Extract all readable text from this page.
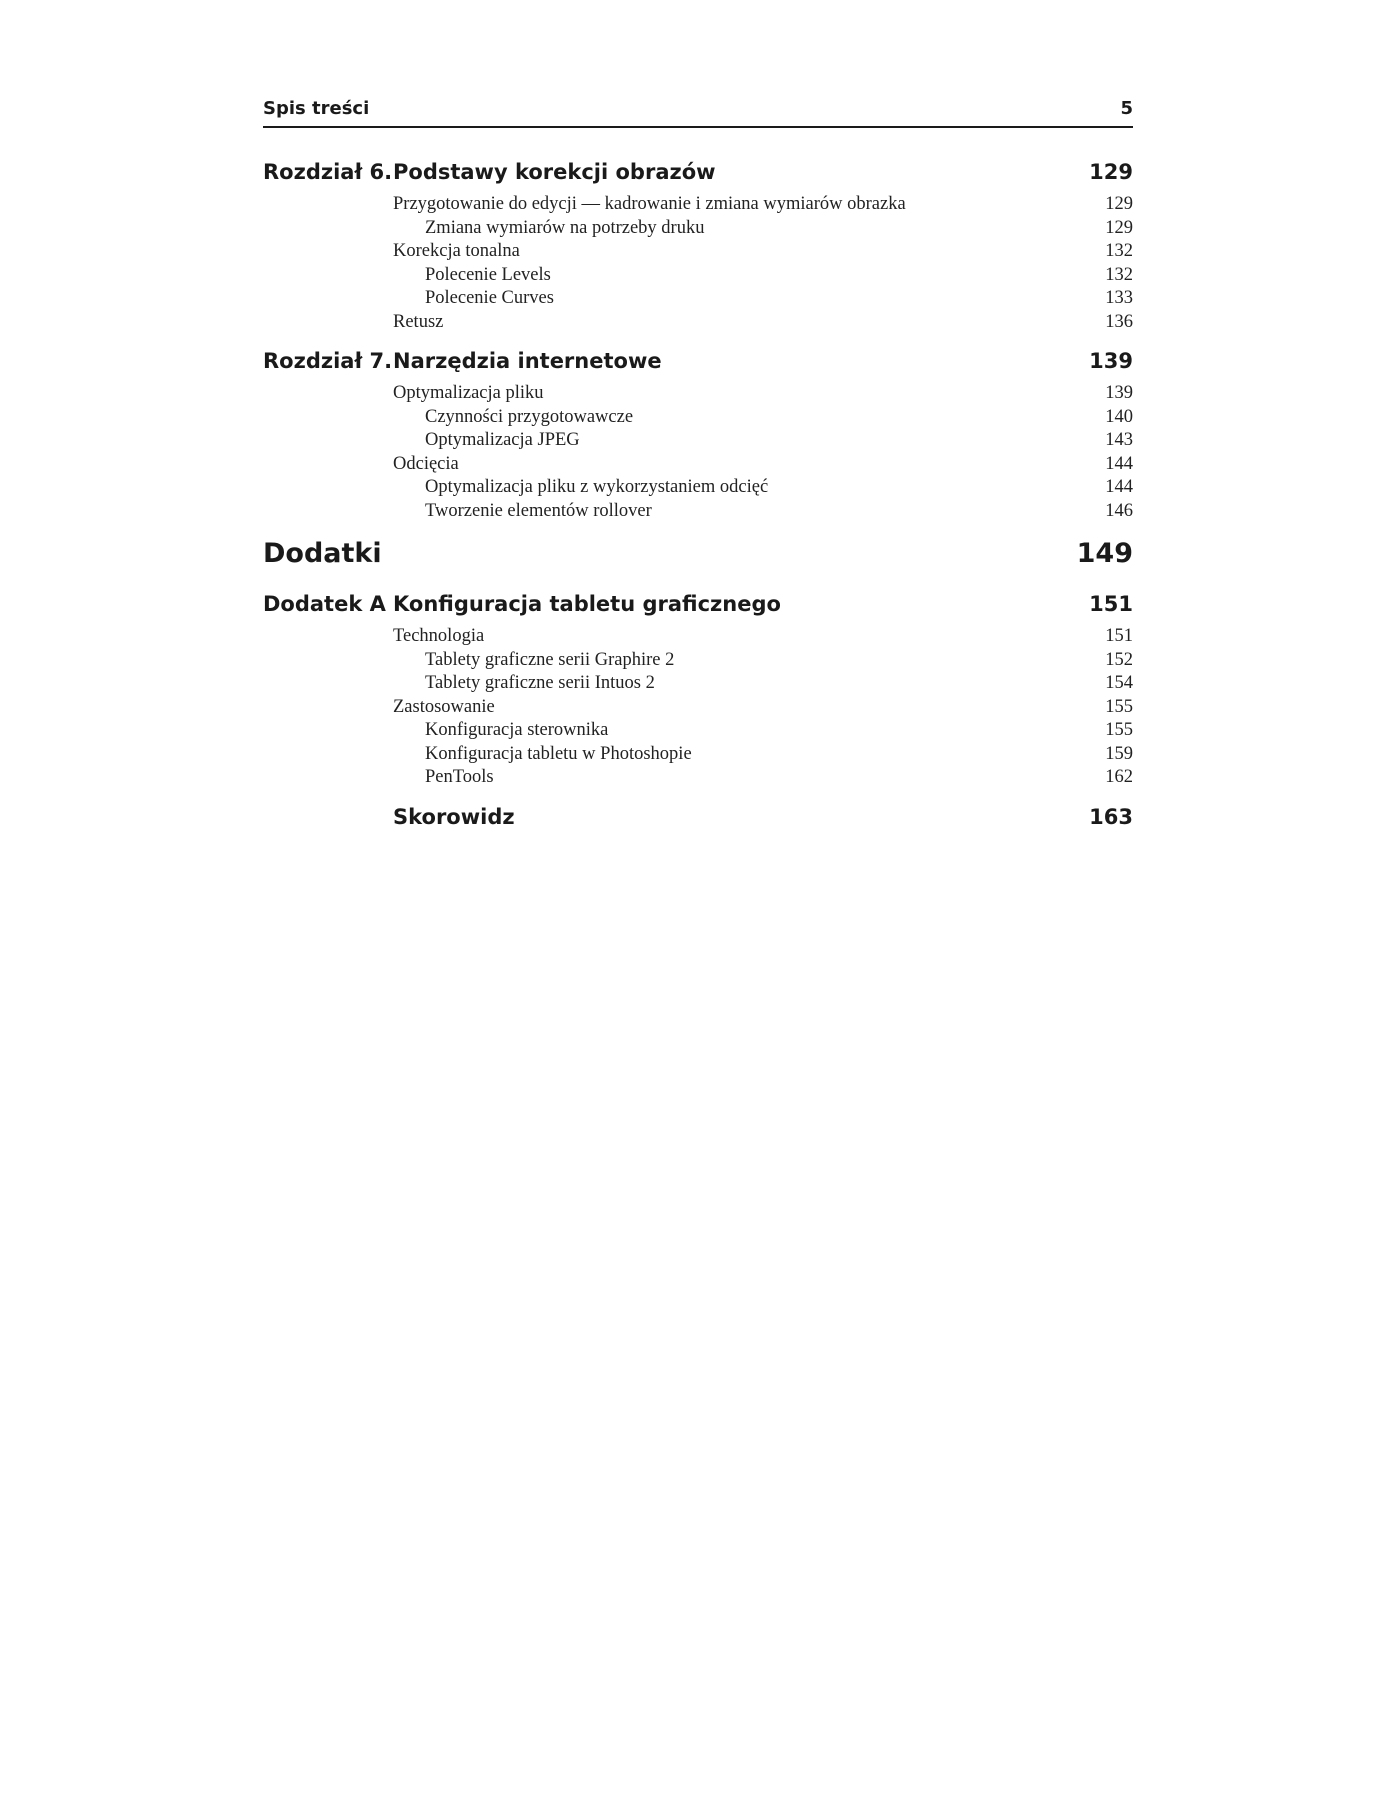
Spis treści	5
Rozdział 6. Podstawy korekcji obrazów	129
Przygotowanie do edycji — kadrowanie i zmiana wymiarów obrazka	129
Zmiana wymiarów na potrzeby druku	129
Korekcja tonalna	132
Polecenie Levels	132
Polecenie Curves	133
Retusz	136
Rozdział 7. Narzędzia internetowe	139
Optymalizacja pliku	139
Czynności przygotowawcze	140
Optymalizacja JPEG	143
Odcięcia	144
Optymalizacja pliku z wykorzystaniem odcięć	144
Tworzenie elementów rollover	146
Dodatki	149
Dodatek A Konfiguracja tabletu graficznego	151
Technologia	151
Tablety graficzne serii Graphire 2	152
Tablety graficzne serii Intuos 2	154
Zastosowanie	155
Konfiguracja sterownika	155
Konfiguracja tabletu w Photoshopie	159
PenTools	162
Skorowidz	163
